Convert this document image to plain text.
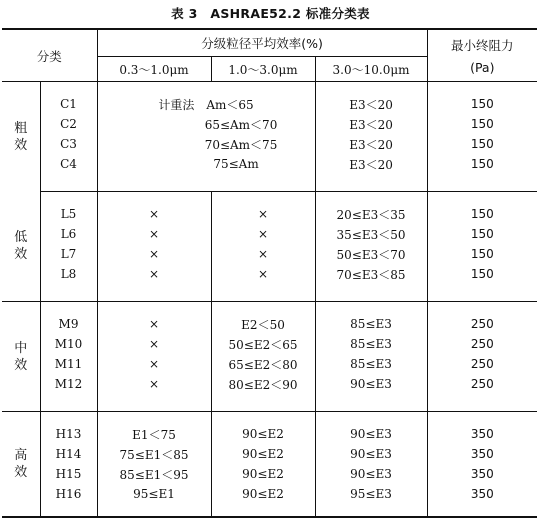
表 3　ASHRAE52.2 标准分类表
分类		分级粒径平均效率(%)			最小终阻力
(Pa)

		0.3～1.0μm	1.0～3.0μm	3.0～10.0μm	
粗效					
	C1	计重法　Am＜65		E3＜20	150
	C2	65≤Am＜70		E3＜20	150
	C3	70≤Am＜75		E3＜20	150
	C4	75≤Am		E3＜20	150

低效					
	L5	×	×	20≤E3＜35	150
	L6	×	×	35≤E3＜50	150
	L7	×	×	50≤E3＜70	150
	L8	×	×	70≤E3＜85	150

中效					
	M9	×	E2＜50	85≤E3	250
	M10	×	50≤E2＜65	85≤E3	250
	M11	×	65≤E2＜80	85≤E3	250
	M12	×	80≤E2＜90	90≤E3	250

高效					
	H13	E1＜75	90≤E2	90≤E3	350
	H14	75≤E1＜85	90≤E2	90≤E3	350
	H15	85≤E1＜95	90≤E2	90≤E3	350
	H16	95≤E1	90≤E2	95≤E3	350
